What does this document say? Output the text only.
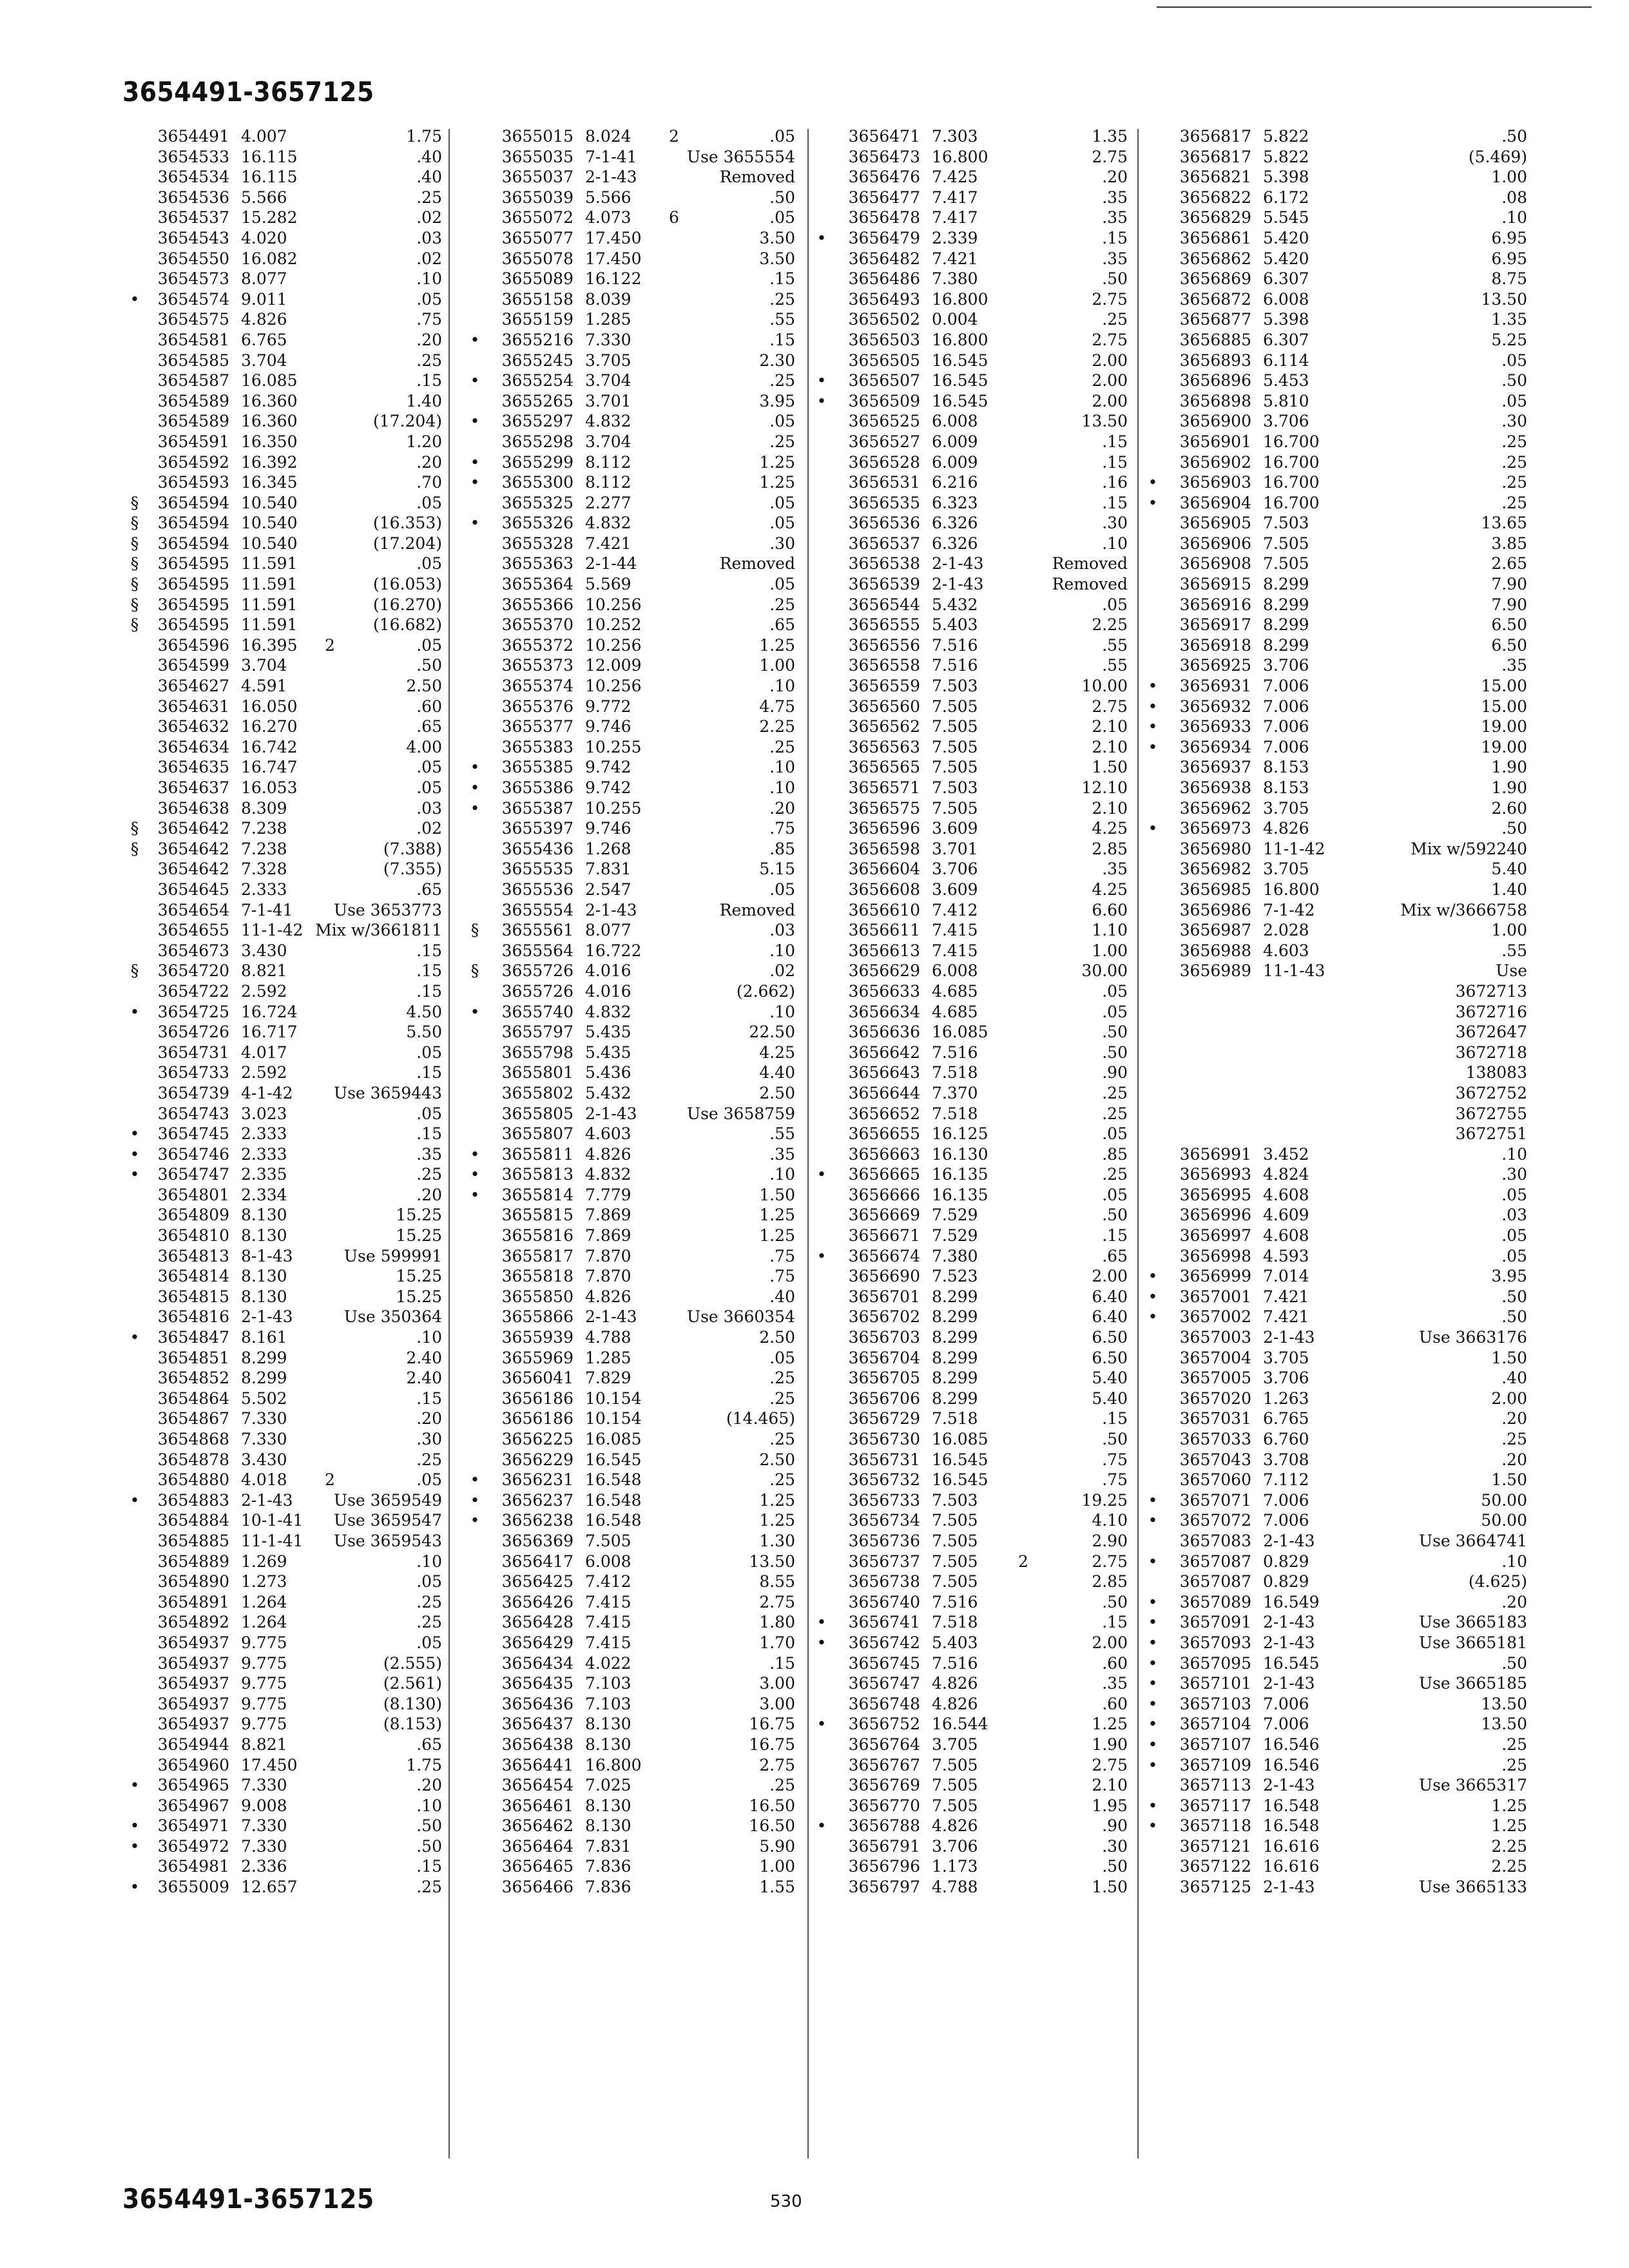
3654491-3657125
3654491 4.007	1.75
3654533 16.115	.40
3654534 16.115	.40
3654536 5.566	.25
3654537 15.282	.02
3654543 4.020	.03
3654550 16.082	.02
3654573 8.077	.10
•	3654574 9.011	.05
3654575 4.826	.75
3654581 6.765	.20
3654585 3.704	.25
3654587 16.085	.15
3654589 16.360	1.40
3654589 16.360	(17.204)
3654591 16.350	1.20
3654592 16.392	.20
3654593 16.345	.70
§	3654594 10.540	.05
§	3654594 10.540	(16.353)
§	3654594 10.540	(17.204)
§	3654595 11.591	.05
§	3654595 11.591	(16.053)
§	3654595 11.591	(16.270)
§	3654595 11.591	(16.682)
3654596 16.395 2	.05
3654599 3.704	.50
3654627 4.591	2.50
3654631 16.050	.60
3654632 16.270	.65
3654634 16.742	4.00
3654635 16.747	.05
3654637 16.053	.05
3654638 8.309	.03
§	3654642 7.238	.02
§	3654642 7.238	(7.388)
3654642 7.328	(7.355)
3654645 2.333	.65
3654654 7-1-41	Use 3653773
3654655 11-1-42 Mix w/3661811
3654673 3.430	.15
§	3654720 8.821	.15
3654722 2.592	.15
•	3654725 16.724	4.50
3654726 16.717	5.50
3654731 4.017	.05
3654733 2.592	.15
3654739 4-1-42	Use 3659443
3654743 3.023	.05
•	3654745 2.333	.15
•	3654746 2.333	.35
•	3654747 2.335	.25
3654801 2.334	.20
3654809 8.130	15.25
3654810 8.130	15.25
3654813 8-1-43	Use 599991
3654814 8.130	15.25
3654815 8.130	15.25
3654816 2-1-43	Use 350364
•	3654847 8.161	.10
3654851 8.299	2.40
3654852 8.299	2.40
3654864 5.502	.15
3654867 7.330	.20
3654868 7.330	.30
3654878 3.430	.25
3654880 4.018 2	.05
•	3654883 2-1-43	Use 3659549
3654884 10-1-41 Use 3659547
3654885 11-1-41 Use 3659543
3654889 1.269	.10
3654890 1.273	.05
3654891 1.264	.25
3654892 1.264	.25
3654937 9.775	.05
3654937 9.775	(2.555)
3654937 9.775	(2.561)
3654937 9.775	(8.130)
3654937 9.775	(8.153)
3654944 8.821	.65
3654960 17.450	1.75
•	3654965 7.330	.20
3654967 9.008	.10
•	3654971 7.330	.50
•	3654972 7.330	.50
3654981 2.336	.15
•	3655009 12.657	.25
3655015 8.024 2	.05
3655035 7-1-41	Use 3655554
3655037 2-1-43	Removed
3655039 5.566	.50
3655072 4.073 6	.05
3655077 17.450	3.50
3655078 17.450	3.50
3655089 16.122	.15
3655158 8.039	.25
3655159 1.285	.55
•	3655216 7.330	.15
3655245 3.705	2.30
•	3655254 3.704	.25
3655265 3.701	3.95
•	3655297 4.832	.05
3655298 3.704	.25
•	3655299 8.112	1.25
•	3655300 8.112	1.25
3655325 2.277	.05
•	3655326 4.832	.05
3655328 7.421	.30
3655363 2-1-44	Removed
3655364 5.569	.05
3655366 10.256	.25
3655370 10.252	.65
3655372 10.256	1.25
3655373 12.009	1.00
3655374 10.256	.10
3655376 9.772	4.75
3655377 9.746	2.25
3655383 10.255	.25
•	3655385 9.742	.10
•	3655386 9.742	.10
•	3655387 10.255	.20
3655397 9.746	.75
3655436 1.268	.85
3655535 7.831	5.15
3655536 2.547	.05
3655554 2-1-43	Removed
§	3655561 8.077	.03
3655564 16.722	.10
§	3655726 4.016	.02
3655726 4.016	(2.662)
•	3655740 4.832	.10
3655797 5.435	22.50
3655798 5.435	4.25
3655801 5.436	4.40
3655802 5.432	2.50
3655805 2-1-43	Use 3658759
3655807 4.603	.55
•	3655811 4.826	.35
•	3655813 4.832	.10
•	3655814 7.779	1.50
3655815 7.869	1.25
3655816 7.869	1.25
3655817 7.870	.75
3655818 7.870	.75
3655850 4.826	.40
3655866 2-1-43	Use 3660354
3655939 4.788	2.50
3655969 1.285	.05
3656041 7.829	.25
3656186 10.154	.25
3656186 10.154	(14.465)
3656225 16.085	.25
3656229 16.545	2.50
•	3656231 16.548	.25
•	3656237 16.548	1.25
•	3656238 16.548	1.25
3656369 7.505	1.30
3656417 6.008	13.50
3656425 7.412	8.55
3656426 7.415	2.75
3656428 7.415	1.80
3656429 7.415	1.70
3656434 4.022	.15
3656435 7.103	3.00
3656436 7.103	3.00
3656437 8.130	16.75
3656438 8.130	16.75
3656441 16.800	2.75
3656454 7.025	.25
3656461 8.130	16.50
3656462 8.130	16.50
3656464 7.831	5.90
3656465 7.836	1.00
3656466 7.836	1.55
3656471 7.303	1.35
3656473 16.800	2.75
3656476 7.425	.20
3656477 7.417	.35
3656478 7.417	.35
•	3656479 2.339	.15
3656482 7.421	.35
3656486 7.380	.50
3656493 16.800	2.75
3656502 0.004	.25
3656503 16.800	2.75
3656505 16.545	2.00
•	3656507 16.545	2.00
•	3656509 16.545	2.00
3656525 6.008	13.50
3656527 6.009	.15
3656528 6.009	.15
3656531 6.216	.16
3656535 6.323	.15
3656536 6.326	.30
3656537 6.326	.10
3656538 2-1-43	Removed
3656539 2-1-43	Removed
3656544 5.432	.05
3656555 5.403	2.25
3656556 7.516	.55
3656558 7.516	.55
3656559 7.503	10.00
3656560 7.505	2.75
3656562 7.505	2.10
3656563 7.505	2.10
3656565 7.505	1.50
3656571 7.503	12.10
3656575 7.505	2.10
3656596 3.609	4.25
3656598 3.701	2.85
3656604 3.706	.35
3656608 3.609	4.25
3656610 7.412	6.60
3656611 7.415	1.10
3656613 7.415	1.00
3656629 6.008	30.00
3656633 4.685	.05
3656634 4.685	.05
3656636 16.085	.50
3656642 7.516	.50
3656643 7.518	.90
3656644 7.370	.25
3656652 7.518	.25
3656655 16.125	.05
3656663 16.130	.85
•	3656665 16.135	.25
3656666 16.135	.05
3656669 7.529	.50
3656671 7.529	.15
•	3656674 7.380	.65
3656690 7.523	2.00
3656701 8.299	6.40
3656702 8.299	6.40
3656703 8.299	6.50
3656704 8.299	6.50
3656705 8.299	5.40
3656706 8.299	5.40
3656729 7.518	.15
3656730 16.085	.50
3656731 16.545	.75
3656732 16.545	.75
3656733 7.503	19.25
3656734 7.505	4.10
3656736 7.505	2.90
3656737 7.505 2	2.75
3656738 7.505	2.85
3656740 7.516	.50
•	3656741 7.518	.15
•	3656742 5.403	2.00
3656745 7.516	.60
3656747 4.826	.35
3656748 4.826	.60
•	3656752 16.544	1.25
3656764 3.705	1.90
3656767 7.505	2.75
3656769 7.505	2.10
3656770 7.505	1.95
•	3656788 4.826	.90
3656791 3.706	.30
3656796 1.173	.50
3656797 4.788	1.50
3656817 5.822	.50
3656817 5.822	(5.469)
3656821 5.398	1.00
3656822 6.172	.08
3656829 5.545	.10
3656861 5.420	6.95
3656862 5.420	6.95
3656869 6.307	8.75
3656872 6.008	13.50
3656877 5.398	1.35
3656885 6.307	5.25
3656893 6.114	.05
3656896 5.453	.50
3656898 5.810	.05
3656900 3.706	.30
3656901 16.700	.25
3656902 16.700	.25
•	3656903 16.700	.25
•	3656904 16.700	.25
3656905 7.503	13.65
3656906 7.505	3.85
3656908 7.505	2.65
3656915 8.299	7.90
3656916 8.299	7.90
3656917 8.299	6.50
3656918 8.299	6.50
3656925 3.706	.35
•	3656931 7.006	15.00
•	3656932 7.006	15.00
•	3656933 7.006	19.00
•	3656934 7.006	19.00
3656937 8.153	1.90
3656938 8.153	1.90
3656962 3.705	2.60
•	3656973 4.826	.50
3656980 11-1-42	Mix w/592240
3656982 3.705	5.40
3656985 16.800	1.40
3656986 7-1-42	Mix w/3666758
3656987 2.028	1.00
3656988 4.603	.55
3656989 11-1-43	Use
3672713
3672716
3672647
3672718
138083
3672752
3672755
3672751
3656991 3.452	.10
3656993 4.824	.30
3656995 4.608	.05
3656996 4.609	.03
3656997 4.608	.05
3656998 4.593	.05
•	3656999 7.014	3.95
•	3657001 7.421	.50
•	3657002 7.421	.50
3657003 2-1-43	Use 3663176
3657004 3.705	1.50
3657005 3.706	.40
3657020 1.263	2.00
3657031 6.765	.20
3657033 6.760	.25
3657043 3.708	.20
3657060 7.112	1.50
•	3657071 7.006	50.00
•	3657072 7.006	50.00
3657083 2-1-43	Use 3664741
•	3657087 0.829	.10
3657087 0.829	(4.625)
•	3657089 16.549	.20
•	3657091 2-1-43	Use 3665183
•	3657093 2-1-43	Use 3665181
•	3657095 16.545	.50
•	3657101 2-1-43	Use 3665185
•	3657103 7.006	13.50
•	3657104 7.006	13.50
•	3657107 16.546	.25
•	3657109 16.546	.25
3657113 2-1-43	Use 3665317
•	3657117 16.548	1.25
•	3657118 16.548	1.25
3657121 16.616	2.25
3657122 16.616	2.25
3657125 2-1-43	Use 3665133
3654491-3657125	530
